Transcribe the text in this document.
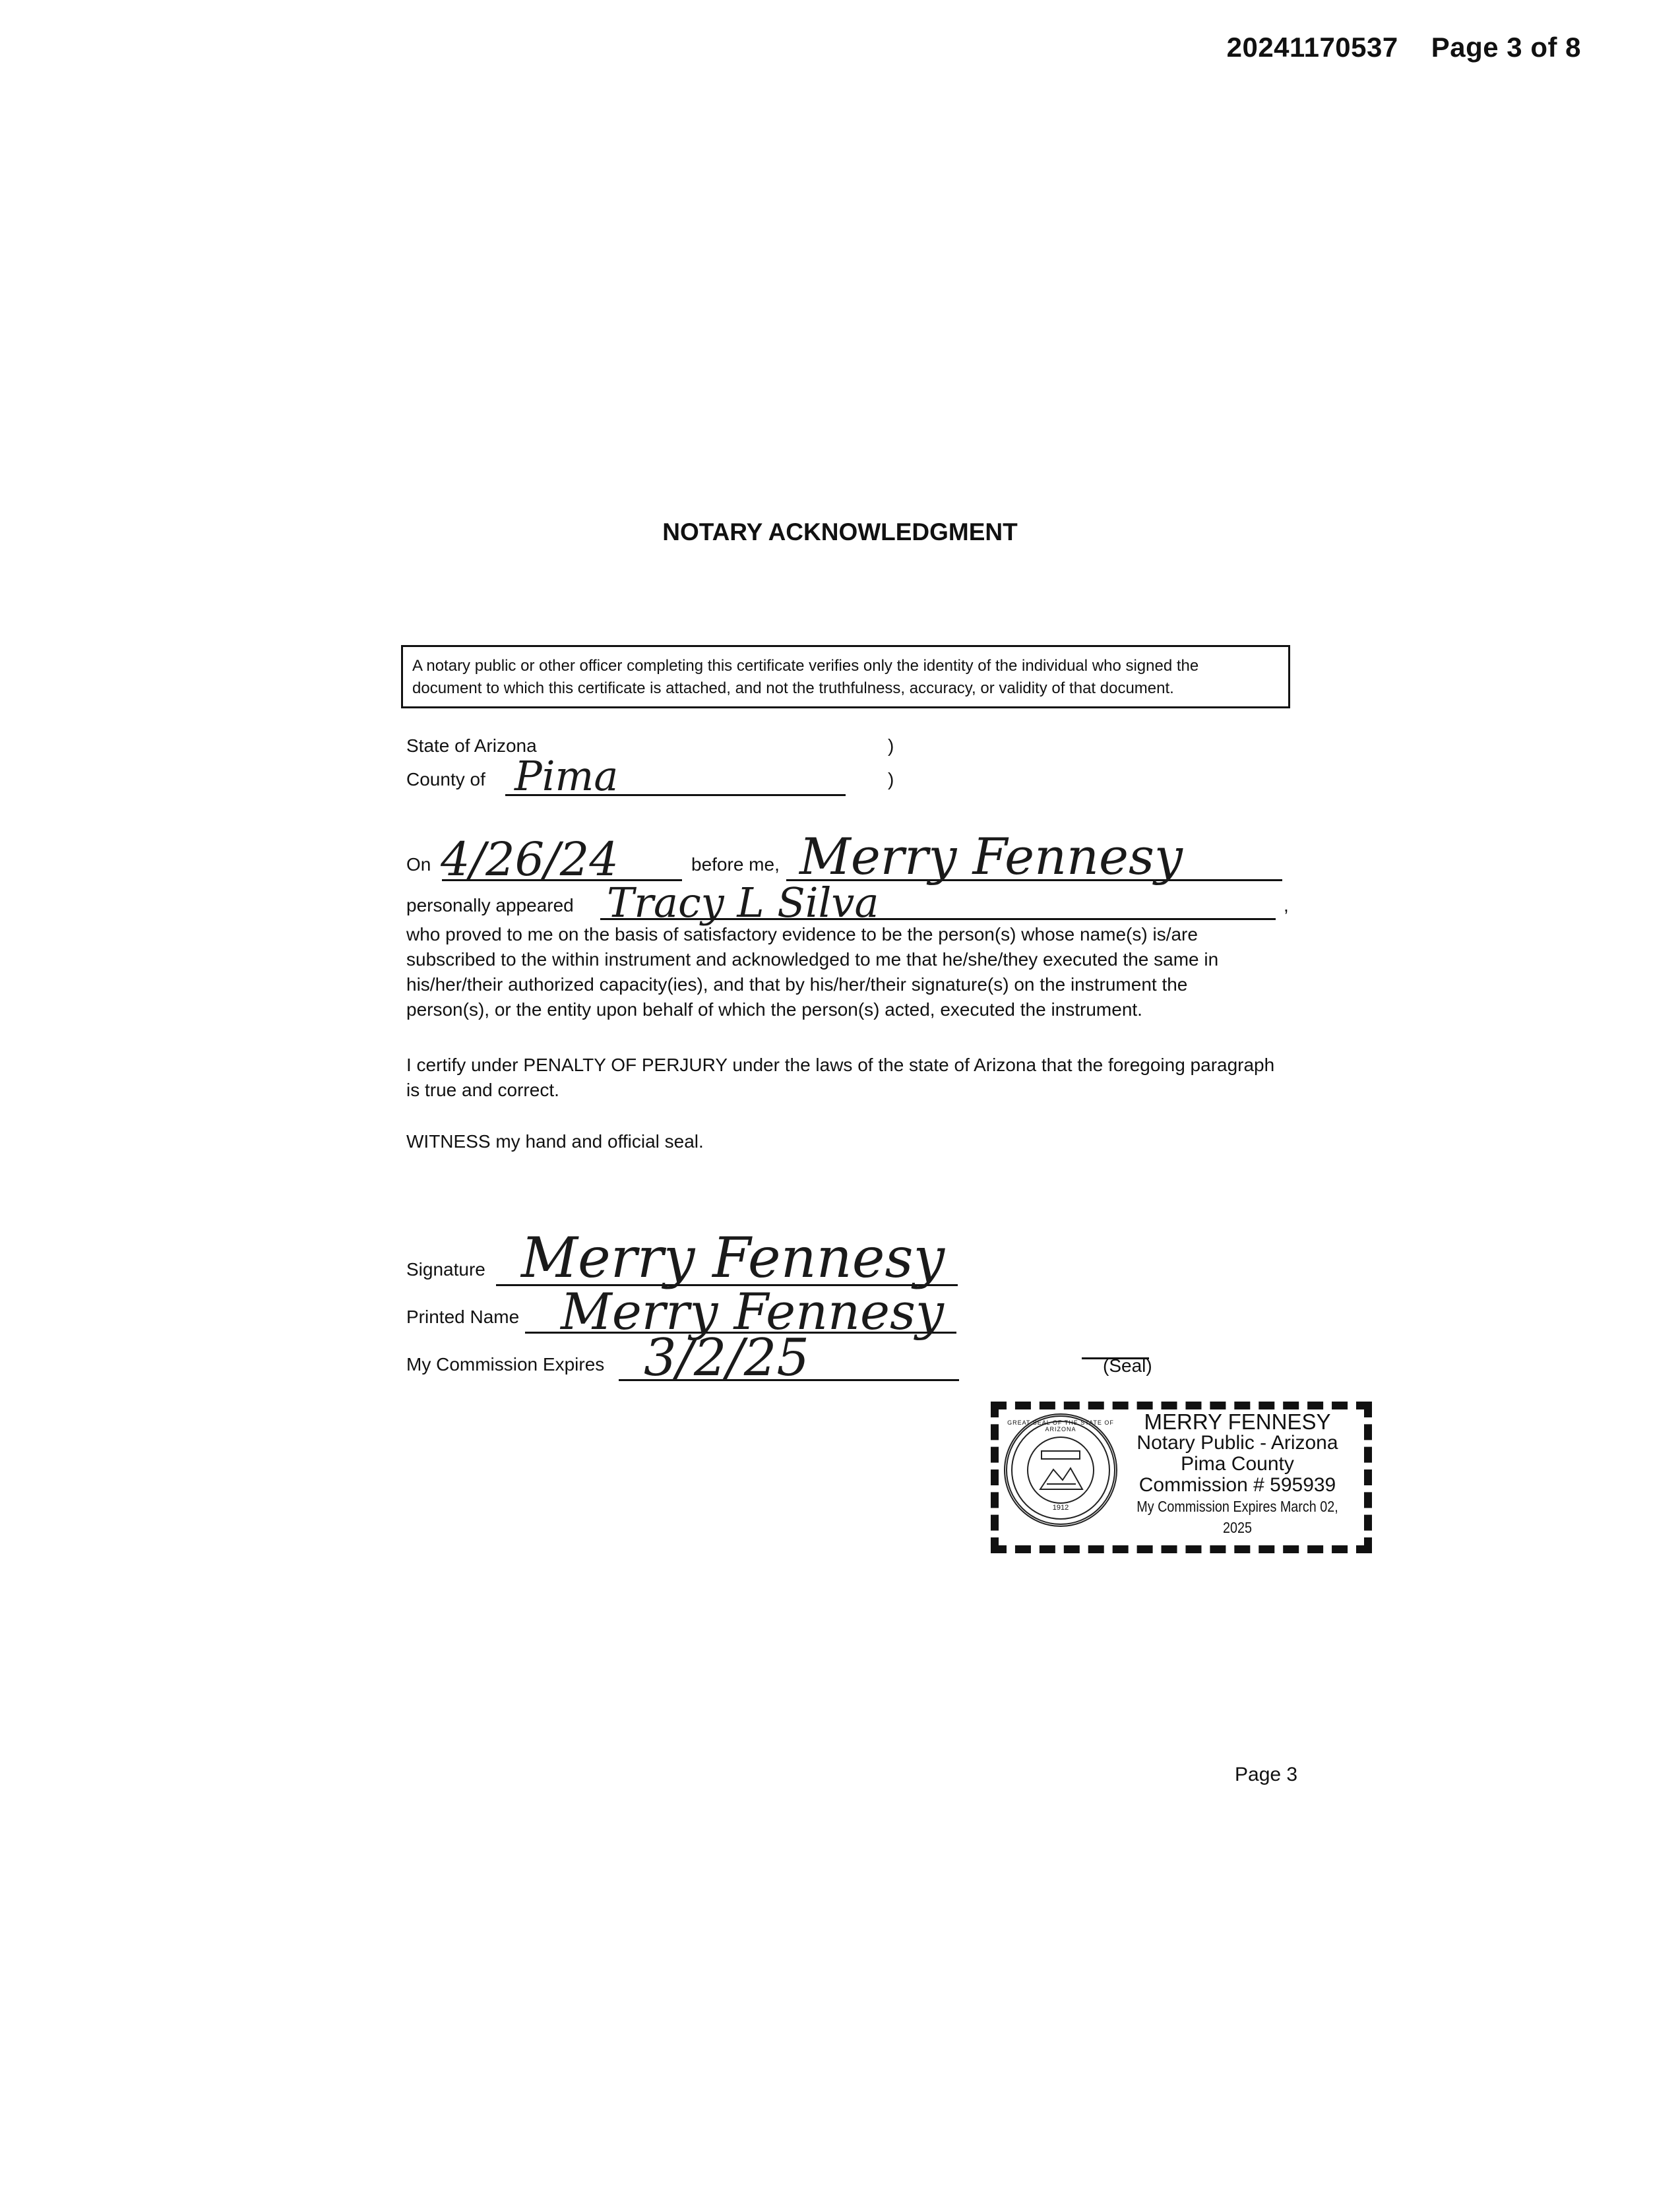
20241170537 Page 3 of 8
NOTARY ACKNOWLEDGMENT
A notary public or other officer completing this certificate verifies only the identity of the individual who signed the
document to which this certificate is attached, and not the truthfulness, accuracy, or validity of that document.
State of Arizona	)
County of Pima	)
On 4/26/24	before me, Merry Fennesy
personally appeared Tracy L Silva	,
who proved to me on the basis of satisfactory evidence to be the person(s) whose name(s) is/are
subscribed to the within instrument and acknowledged to me that he/she/they executed the same in
his/her/their authorized capacity(ies), and that by his/her/their signature(s) on the instrument the
person(s), or the entity upon behalf of which the person(s) acted, executed the instrument.
I certify under PENALTY OF PERJURY under the laws of the state of Arizona that the foregoing paragraph
is true and correct.
WITNESS my hand and official seal.
Signature Merry Fennesy
Printed Name Merry Fennesy
My Commission Expires 3/2/25	(Seal)
GREAT SEAL OF THE STATE OF ARIZONA
1912
MERRY FENNESY
Notary Public - Arizona
Pima County
Commission # 595939
My Commission Expires March 02, 2025
Page 3
